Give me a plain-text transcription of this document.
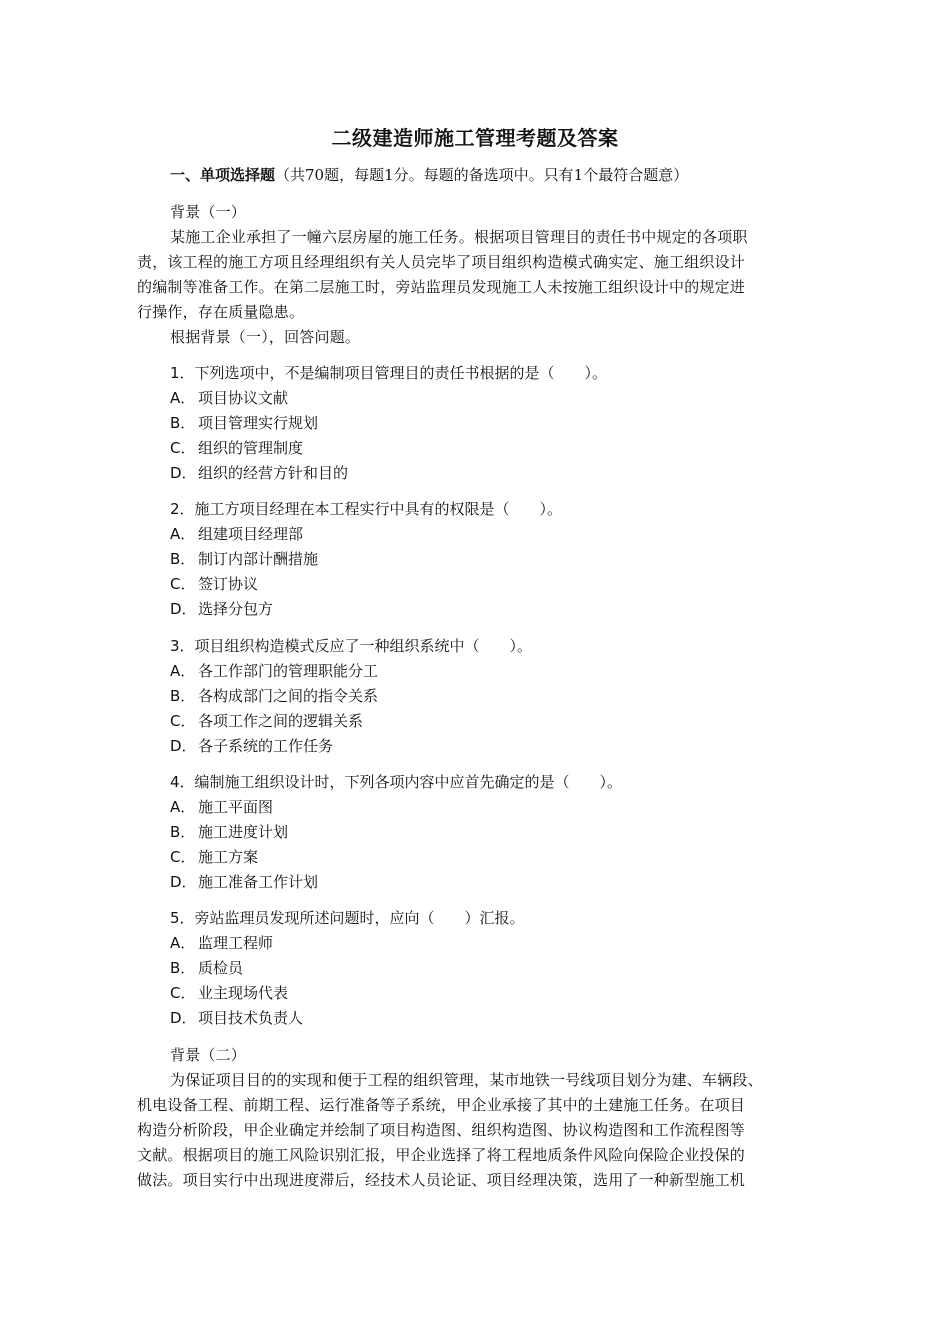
二级建造师施工管理考题及答案
一、单项选择题（共70题，每题1分。每题的备选项中。只有1个最符合题意）
背景（一）
某施工企业承担了一幢六层房屋的施工任务。根据项目管理目的责任书中规定的各项职
责，该工程的施工方项且经理组织有关人员完毕了项目组织构造模式确实定、施工组织设计
的编制等准备工作。在第二层施工时，旁站监理员发现施工人未按施工组织设计中的规定进
行操作，存在质量隐患。
根据背景（一），回答问题。
1．下列选项中，不是编制项目管理目的责任书根据的是（　　）。
A． 项目协议文献
B． 项目管理实行规划
C． 组织的管理制度
D．组织的经营方针和目的
2．施工方项目经理在本工程实行中具有的权限是（　　）。
A． 组建项目经理部
B． 制订内部计酬措施
C． 签订协议
D．选择分包方
3．项目组织构造模式反应了一种组织系统中（　　）。
A． 各工作部门的管理职能分工
B． 各构成部门之间的指令关系
C． 各项工作之间的逻辑关系
D．各子系统的工作任务
4．编制施工组织设计时，下列各项内容中应首先确定的是（　　）。
A． 施工平面图
B． 施工进度计划
C． 施工方案
D．施工准备工作计划
5．旁站监理员发现所述问题时，应向（　　）汇报。
A． 监理工程师
B． 质检员
C． 业主现场代表
D．项目技术负责人
背景（二）
为保证项目目的的实现和便于工程的组织管理，某市地铁一号线项目划分为建、车辆段、
机电设备工程、前期工程、运行准备等子系统，甲企业承接了其中的土建施工任务。在项目
构造分析阶段，甲企业确定并绘制了项目构造图、组织构造图、协议构造图和工作流程图等
文献。根据项目的施工风险识别汇报，甲企业选择了将工程地质条件风险向保险企业投保的
做法。项目实行中出现进度滞后，经技术人员论证、项目经理决策，选用了一种新型施工机
